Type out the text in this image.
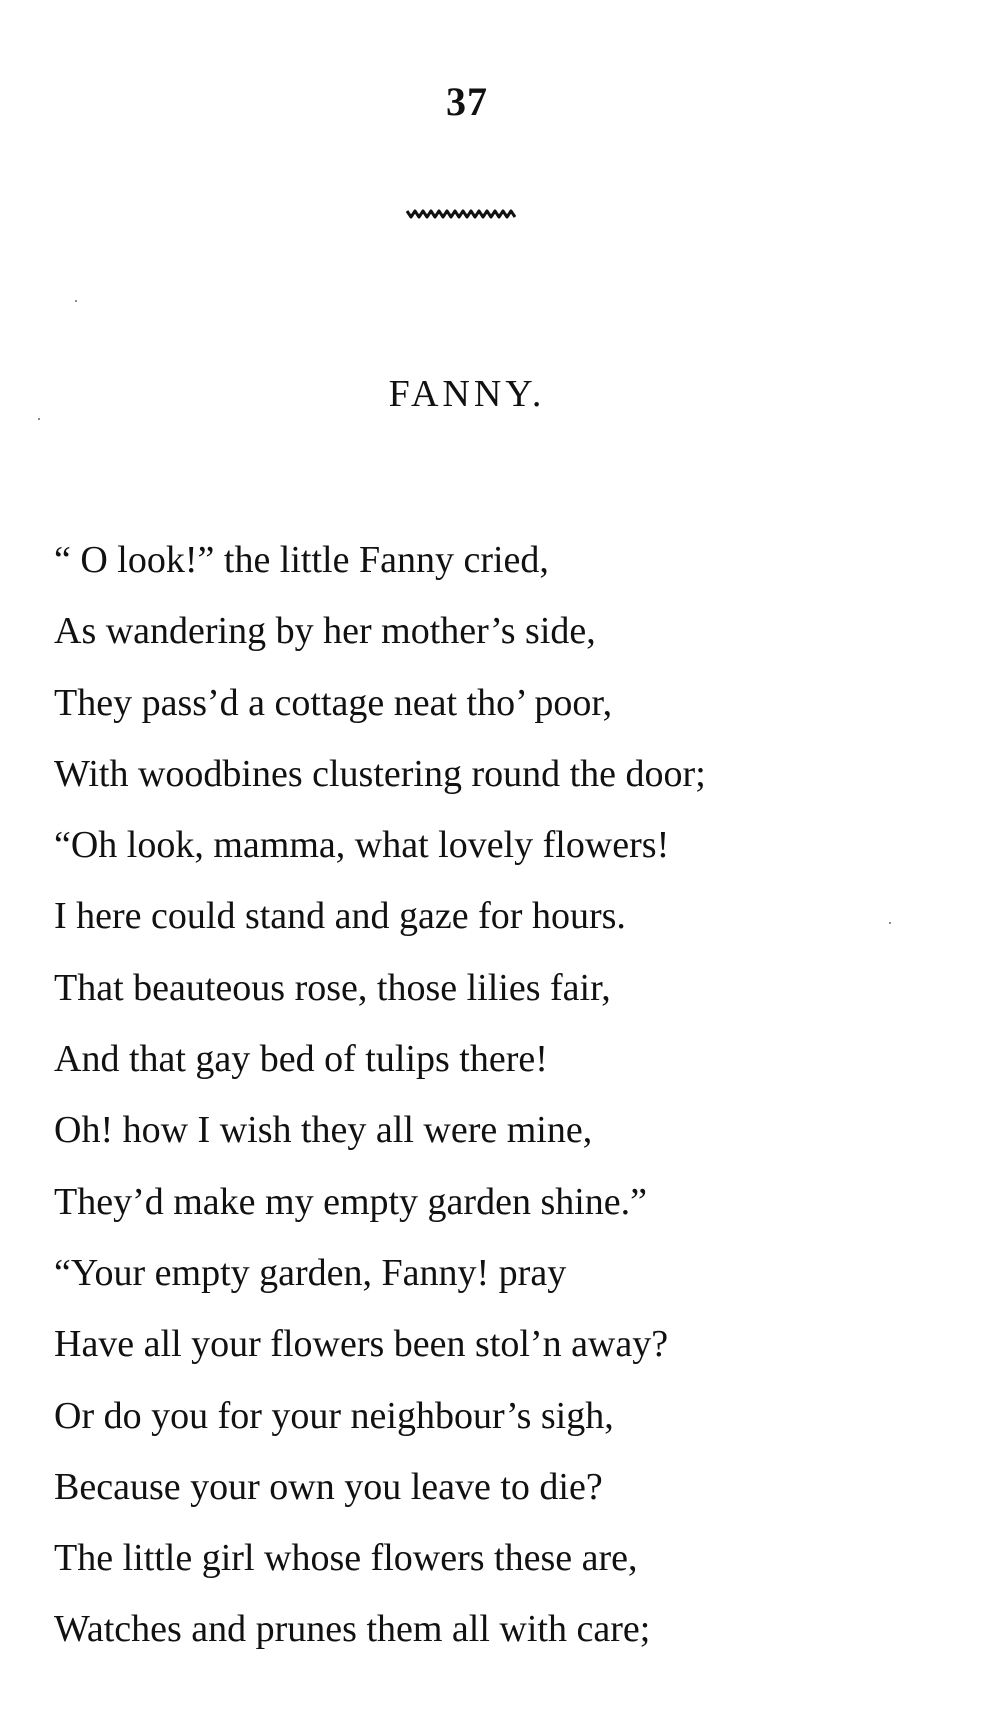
37
FANNY.
“ O look!” the little Fanny cried,
As wandering by her mother’s side,
They pass’d a cottage neat tho’ poor,
With woodbines clustering round the door;
“Oh look, mamma, what lovely flowers!
I here could stand and gaze for hours.
That beauteous rose, those lilies fair,
And that gay bed of tulips there!
Oh! how I wish they all were mine,
They’d make my empty garden shine.”
“Your empty garden, Fanny! pray
Have all your flowers been stol’n away?
Or do you for your neighbour’s sigh,
Because your own you leave to die?
The little girl whose flowers these are,
Watches and prunes them all with care;
